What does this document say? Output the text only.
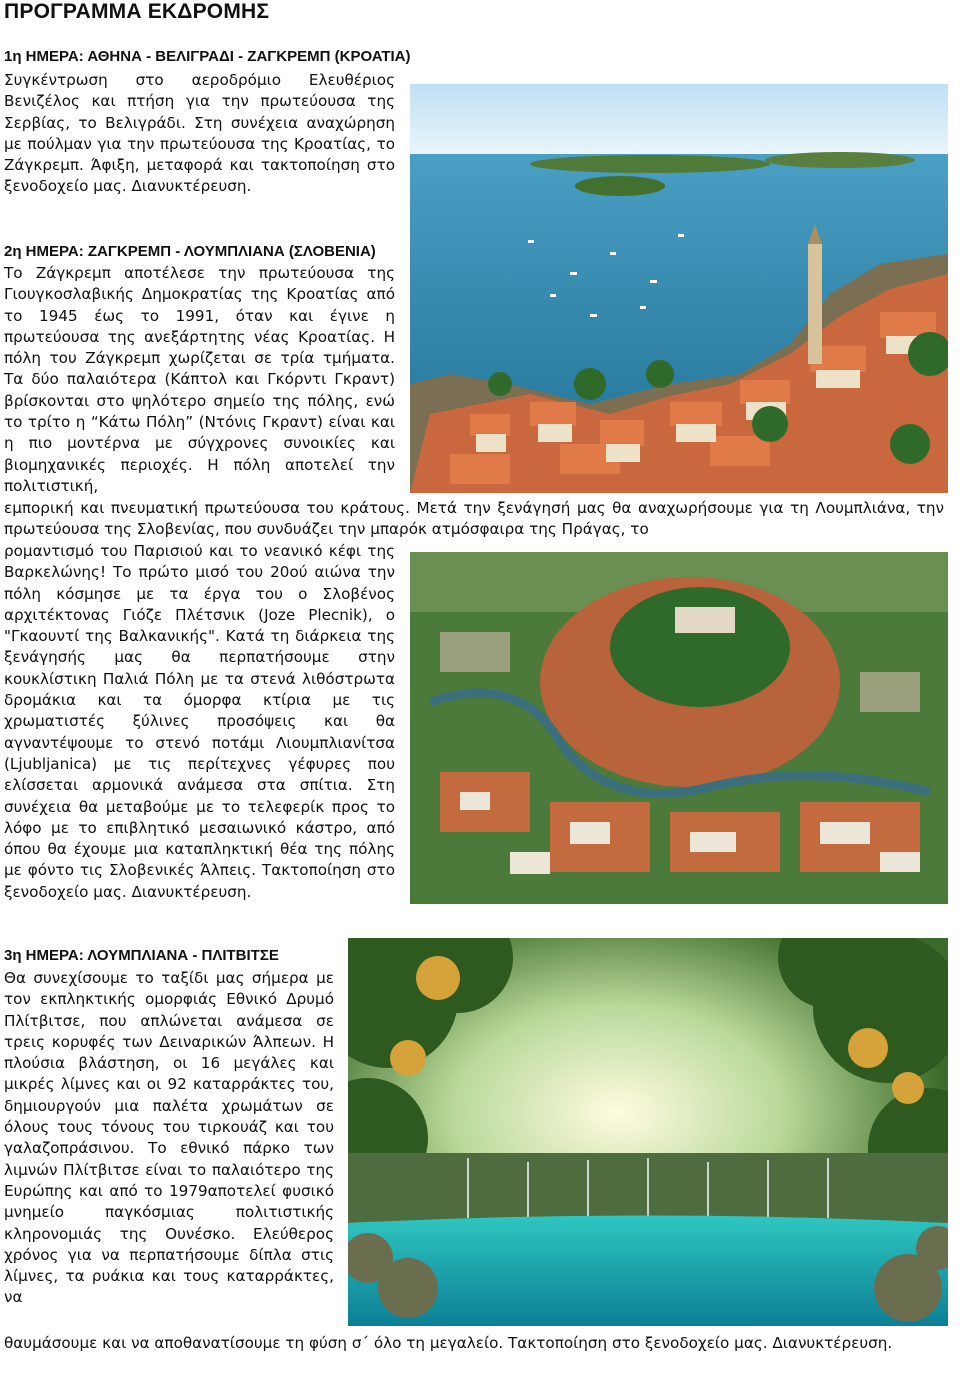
ΠΡΟΓΡΑΜΜΑ ΕΚΔΡΟΜΗΣ
1η ΗΜΕΡΑ: ΑΘΗΝΑ - ΒΕΛΙΓΡΑΔΙ - ΖΑΓΚΡΕΜΠ (ΚΡΟΑΤΙΑ)

Συγκέντρωση στο αεροδρόμιο Ελευθέριος Βενιζέλος και πτήση για την πρωτεύουσα της Σερβίας, το Βελιγράδι. Στη συνέχεια αναχώρηση με πούλμαν για την πρωτεύουσα της Κροατίας, το Ζάγκρεμπ. Άφιξη, μεταφορά και τακτοποίηση στο ξενοδοχείο μας. Διανυκτέρευση.

2η ΗΜΕΡΑ: ΖΑΓΚΡΕΜΠ - ΛΟΥΜΠΛΙΑΝΑ (ΣΛΟΒΕΝΙΑ)

Το Ζάγκρεμπ αποτέλεσε την πρωτεύουσα της Γιουγκοσλαβικής Δημοκρατίας της Κροατίας από το 1945 έως το 1991, όταν και έγινε η πρωτεύουσα της ανεξάρτητης νέας Κροατίας. Η πόλη του Ζάγκρεμπ χωρίζεται σε τρία τμήματα. Τα δύο παλαιότερα (Κάπτολ και Γκόρντι Γκραντ) βρίσκονται στο ψηλότερο σημείο της πόλης, ενώ το τρίτο η “Κάτω Πόλη” (Ντόνις Γκραντ) είναι και η πιο μοντέρνα με σύγχρονες συνοικίες και βιομηχανικές περιοχές. Η πόλη αποτελεί την πολιτιστική,

εμπορική και πνευματική πρωτεύουσα του κράτους. Μετά την ξενάγησή μας θα αναχωρήσουμε για τη Λουμπλιάνα, την πρωτεύουσα της Σλοβενίας, που συνδυάζει την μπαρόκ ατμόσφαιρα της Πράγας, το

ρομαντισμό του Παρισιού και το νεανικό κέφι της Βαρκελώνης! Το πρώτο μισό του 20ού αιώνα την πόλη κόσμησε με τα έργα του ο Σλοβένος αρχιτέκτονας Γιόζε Πλέτσνικ (Joze Plecnik), ο "Γκαουντί της Βαλκανικής". Κατά τη διάρκεια της ξενάγησής μας θα περπατήσουμε στην κουκλίστικη Παλιά Πόλη με τα στενά λιθόστρωτα δρομάκια και τα όμορφα κτίρια με τις χρωματιστές ξύλινες προσόψεις και θα αγναντέψουμε το στενό ποτάμι Λιουμπλιανίτσα (Ljubljanica) με τις περίτεχνες γέφυρες που ελίσσεται αρμονικά ανάμεσα στα σπίτια. Στη συνέχεια θα μεταβούμε με το τελεφερίκ προς το λόφο με το επιβλητικό μεσαιωνικό κάστρο, από όπου θα έχουμε μια καταπληκτική θέα της πόλης με φόντο τις Σλοβενικές Άλπεις. Τακτοποίηση στο ξενοδοχείο μας. Διανυκτέρευση.

3η ΗΜΕΡΑ: ΛΟΥΜΠΛΙΑΝΑ - ΠΛΙΤΒΙΤΣΕ

Θα συνεχίσουμε το ταξίδι μας σήμερα με τον εκπληκτικής ομορφιάς Εθνικό Δρυμό Πλίτβιτσε, που απλώνεται ανάμεσα σε τρεις κορυφές των Δειναρικών Άλπεων. Η πλούσια βλάστηση, οι 16 μεγάλες και μικρές λίμνες και οι 92 καταρράκτες του, δημιουργούν μια παλέτα χρωμάτων σε όλους τους τόνους του τιρκουάζ και του γαλαζοπράσινου. Το εθνικό πάρκο των λιμνών Πλίτβιτσε είναι το παλαιότερο της Ευρώπης και από το 1979αποτελεί φυσικό μνημείο παγκόσμιας πολιτιστικής κληρονομιάς της Ουνέσκο. Ελεύθερος χρόνος για να περπατήσουμε δίπλα στις λίμνες, τα ρυάκια και τους καταρράκτες, να

θαυμάσουμε και να αποθανατίσουμε τη φύση σ΄ όλο τη μεγαλείο. Τακτοποίηση στο ξενοδοχείο μας. Διανυκτέρευση.
